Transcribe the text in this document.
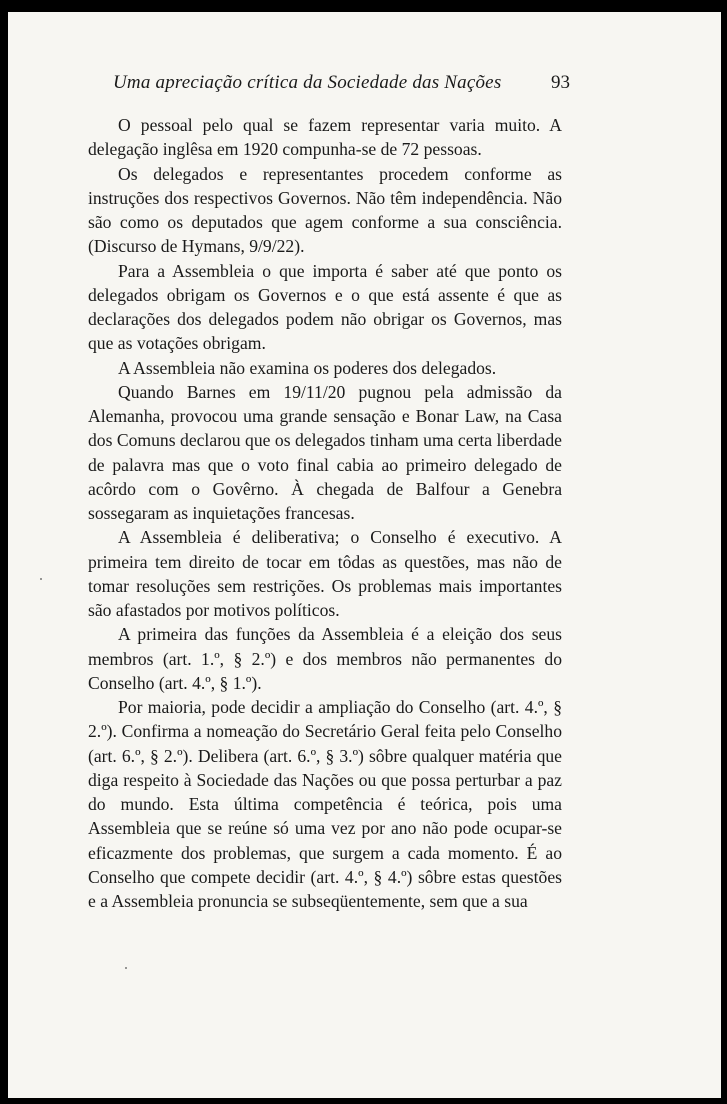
Uma apreciação crítica da Sociedade das Nações	93

O pessoal pelo qual se fazem representar varia muito. A delegação inglêsa em 1920 compunha-se de 72 pessoas.

Os delegados e representantes procedem conforme as instruções dos respectivos Governos. Não têm independência. Não são como os deputados que agem conforme a sua consciência. (Discurso de Hymans, 9/9/22).

Para a Assembleia o que importa é saber até que ponto os delegados obrigam os Governos e o que está assente é que as declarações dos delegados podem não obrigar os Governos, mas que as votações obrigam.

A Assembleia não examina os poderes dos delegados.

Quando Barnes em 19/11/20 pugnou pela admissão da Alemanha, provocou uma grande sensação e Bonar Law, na Casa dos Comuns declarou que os delegados tinham uma certa liberdade de palavra mas que o voto final cabia ao primeiro delegado de acôrdo com o Govêrno. À chegada de Balfour a Genebra sossegaram as inquietações francesas.

A Assembleia é deliberativa; o Conselho é executivo. A primeira tem direito de tocar em tôdas as questões, mas não de tomar resoluções sem restrições. Os problemas mais importantes são afastados por motivos políticos.

A primeira das funções da Assembleia é a eleição dos seus membros (art. 1.º, § 2.º) e dos membros não permanentes do Conselho (art. 4.º, § 1.º).

Por maioria, pode decidir a ampliação do Conselho (art. 4.º, § 2.º). Confirma a nomeação do Secretário Geral feita pelo Conselho (art. 6.º, § 2.º). Delibera (art. 6.º, § 3.º) sôbre qualquer matéria que diga respeito à Sociedade das Nações ou que possa perturbar a paz do mundo. Esta última competência é teórica, pois uma Assembleia que se reúne só uma vez por ano não pode ocupar-se eficazmente dos problemas, que surgem a cada momento. É ao Conselho que compete decidir (art. 4.º, § 4.º) sôbre estas questões e a Assembleia pronuncia se subseqüentemente, sem que a sua
